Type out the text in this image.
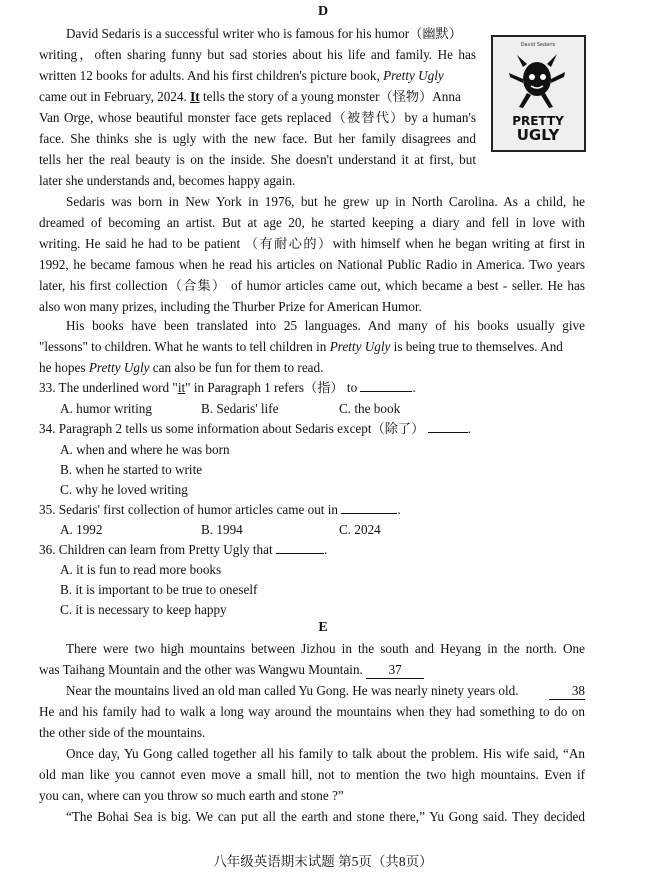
D
David Sedaris
PRETTY
UGLY
David Sedaris is a successful writer who is famous for his humor（幽默）
writing，often sharing funny but sad stories about his life and family. He has
written 12 books for adults. And his first children's picture book, Pretty Ugly
came out in February, 2024. It tells the story of a young monster（怪物）Anna
Van Orge, whose beautiful monster face gets replaced（被替代）by a human's
face. She thinks she is ugly with the new face. But her family disagrees and
tells her the real beauty is on the inside. She doesn't understand it at first, but
later she understands and, becomes happy again.
Sedaris was born in New York in 1976, but he grew up in North Carolina. As a child, he
dreamed of becoming an artist. But at age 20, he started keeping a diary and fell in love with
writing. He said he had to be patient （有耐心的）with himself when he began writing at first in
1992, he became famous when he read his articles on National Public Radio in America. Two years
later, his first collection（合集） of humor articles came out, which became a best - seller. He has
also won many prizes, including the Thurber Prize for American Humor.
His books have been translated into 25 languages. And many of his books usually give
"lessons" to children. What he wants to tell children in Pretty Ugly is being true to themselves. And
he hopes Pretty Ugly can also be fun for them to read.
33. The underlined word "it" in Paragraph 1 refers（指） to	.
A. humor writing	B. Sedaris' life	C. the book
34. Paragraph 2 tells us some information about Sedaris except（除了）	.
A. when and where he was born
B. when he started to write
C. why he loved writing
35. Sedaris' first collection of humor articles came out in	.
A. 1992	B. 1994	C. 2024
36. Children can learn from Pretty Ugly that	.
A. it is fun to read more books
B. it is important to be true to oneself
C. it is necessary to keep happy
E
There were two high mountains between Jizhou in the south and Heyang in the north. One
was Taihang Mountain and the other was Wangwu Mountain. 37
Near the mountains lived an old man called Yu Gong. He was nearly ninety years old.	38
He and his family had to walk a long way around the mountains when they had something to do on
the other side of the mountains.
Once day, Yu Gong called together all his family to talk about the problem. His wife said, “An
old man like you cannot even move a small hill, not to mention the two high mountains. Even if
you can, where can you throw so much earth and stone ?”
“The Bohai Sea is big. We can put all the earth and stone there,” Yu Gong said. They decided
八年级英语期末试题 第5页（共8页）
